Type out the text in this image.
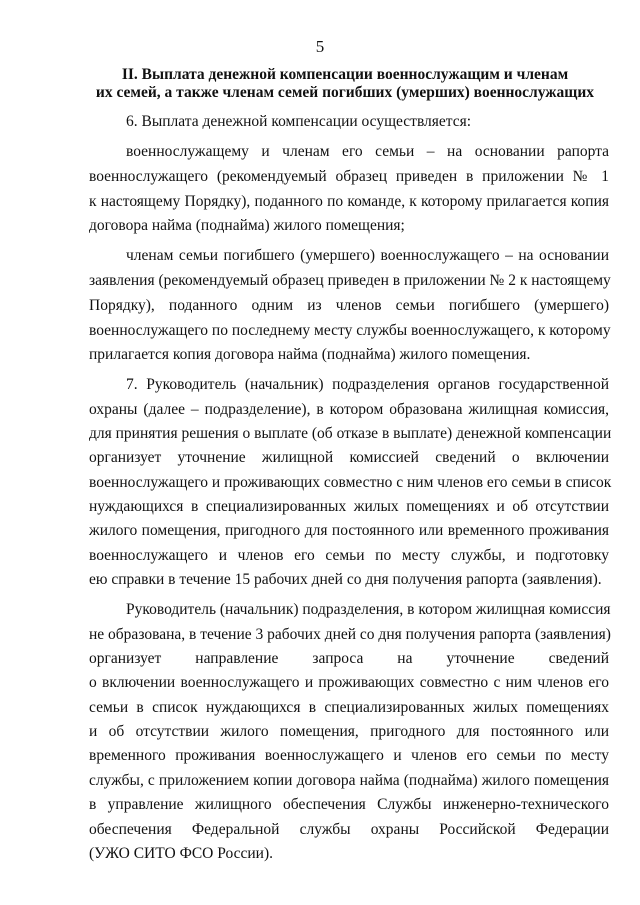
5
II. Выплата денежной компенсации военнослужащим и членам
их семей, а также членам семей погибших (умерших) военнослужащих
6. Выплата денежной компенсации осуществляется:
военнослужащему и членам его семьи – на основании рапорта
военнослужащего (рекомендуемый образец приведен в приложении № 1
к настоящему Порядку), поданного по команде, к которому прилагается копия
договора найма (поднайма) жилого помещения;
членам семьи погибшего (умершего) военнослужащего – на основании
заявления (рекомендуемый образец приведен в приложении № 2 к настоящему
Порядку), поданного одним из членов семьи погибшего (умершего)
военнослужащего по последнему месту службы военнослужащего, к которому
прилагается копия договора найма (поднайма) жилого помещения.
7. Руководитель (начальник) подразделения органов государственной
охраны (далее – подразделение), в котором образована жилищная комиссия,
для принятия решения о выплате (об отказе в выплате) денежной компенсации
организует уточнение жилищной комиссией сведений о включении
военнослужащего и проживающих совместно с ним членов его семьи в список
нуждающихся в специализированных жилых помещениях и об отсутствии
жилого помещения, пригодного для постоянного или временного проживания
военнослужащего и членов его семьи по месту службы, и подготовку
ею справки в течение 15 рабочих дней со дня получения рапорта (заявления).
Руководитель (начальник) подразделения, в котором жилищная комиссия
не образована, в течение 3 рабочих дней со дня получения рапорта (заявления)
организует направление запроса на уточнение сведений
о включении военнослужащего и проживающих совместно с ним членов его
семьи в список нуждающихся в специализированных жилых помещениях
и об отсутствии жилого помещения, пригодного для постоянного или
временного проживания военнослужащего и членов его семьи по месту
службы, с приложением копии договора найма (поднайма) жилого помещения
в управление жилищного обеспечения Службы инженерно-технического
обеспечения Федеральной службы охраны Российской Федерации
(УЖО СИТО ФСО России).
